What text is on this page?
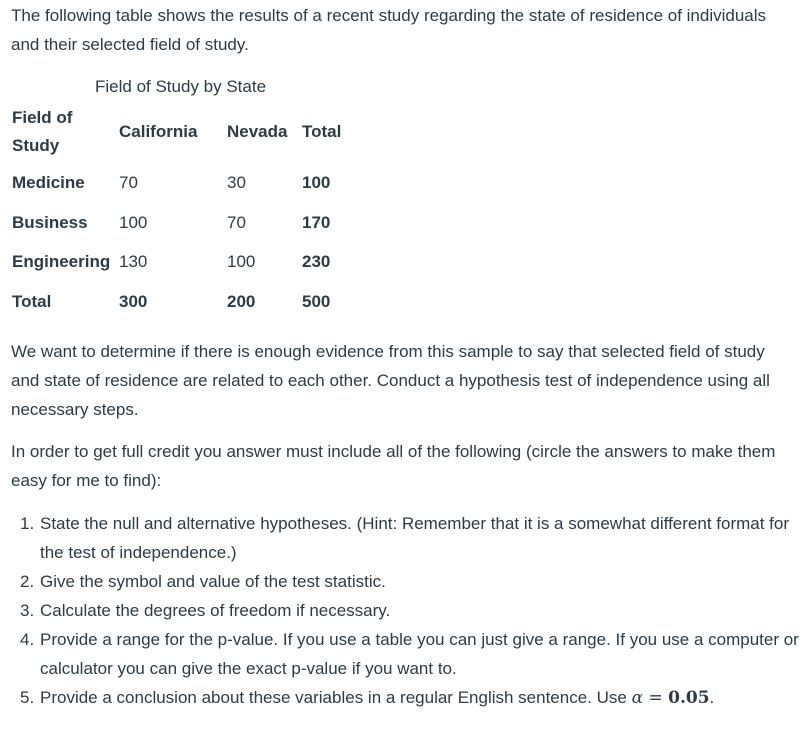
The following table shows the results of a recent study regarding the state of residence of individuals and their selected field of study.

Field of Study by State
Field of
Study
California Nevada Total
Medicine 70	30	100
Business 100	70	170
Engineering 130	100	230
Total	300	200	500

We want to determine if there is enough evidence from this sample to say that selected field of study and state of residence are related to each other. Conduct a hypothesis test of independence using all necessary steps.

In order to get full credit you answer must include all of the following (circle the answers to make them easy for me to find):

1. State the null and alternative hypotheses. (Hint: Remember that it is a somewhat different format for the test of independence.)
2. Give the symbol and value of the test statistic.
3. Calculate the degrees of freedom if necessary.
4. Provide a range for the p-value. If you use a table you can just give a range. If you use a computer or calculator you can give the exact p-value if you want to.
5. Provide a conclusion about these variables in a regular English sentence. Use α = 0.05.
